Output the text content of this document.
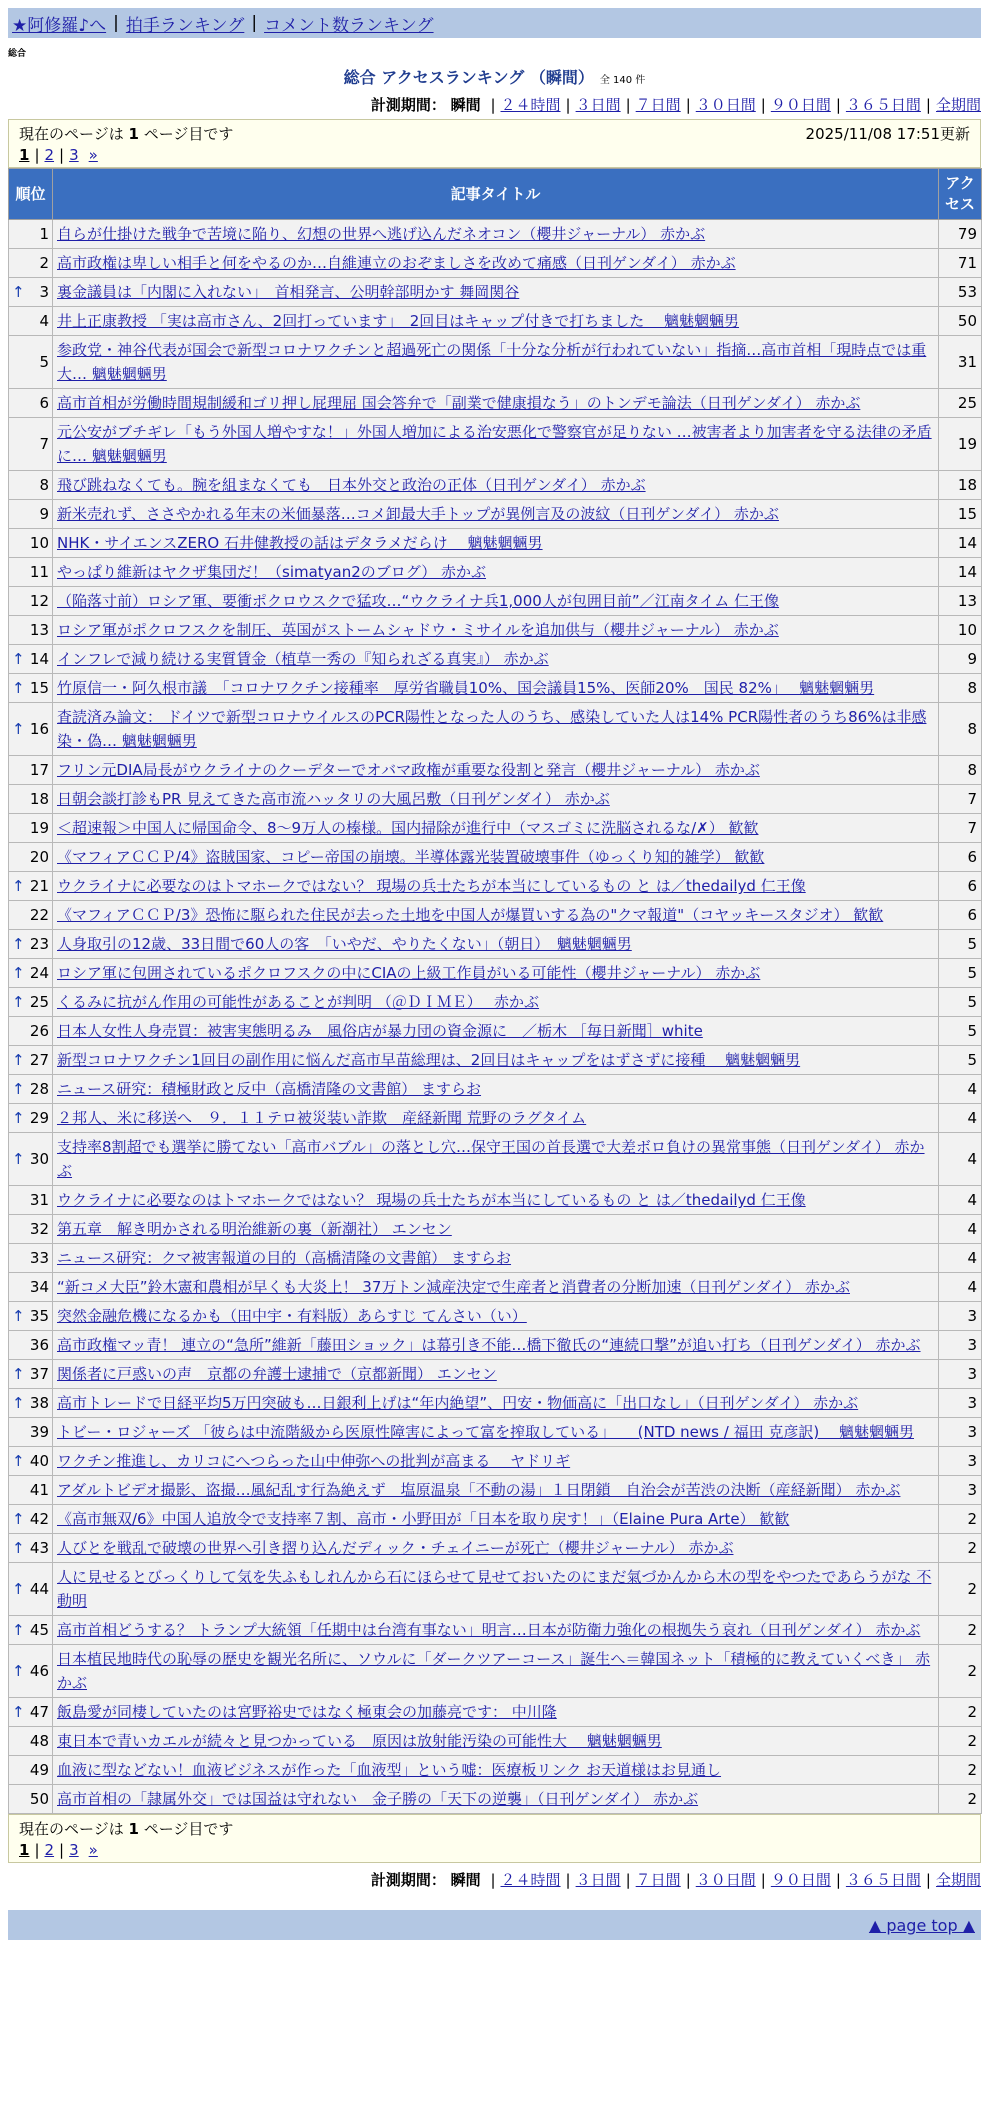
★阿修羅♪へ | 拍手ランキング | コメント数ランキング
総合
総合 アクセスランキング （瞬間） 全 140 件
計測期間： 瞬間 | ２４時間 | ３日間 | ７日間 | ３０日間 | ９０日間 | ３６５日間 | 全期間
現在のページは 1 ページ目です	2025/11/08 17:51更新
1 | 2 | 3 »
順位	記事タイトル	アクセス
1	自らが仕掛けた戦争で苦境に陥り、幻想の世界へ逃げ込んだネオコン（櫻井ジャーナル） 赤かぶ	79
2	高市政権は卑しい相手と何をやるのか…自維連立のおぞましさを改めて痛感（日刊ゲンダイ） 赤かぶ	71

↑ 3	裏金議員は「内閣に入れない」　首相発言、公明幹部明かす 舞岡関谷	53
4	井上正康教授 「実は高市さん、2回打っています」　2回目はキャップ付きで打ちました　 魑魅魍魎男	50
5	参政党・神谷代表が国会で新型コロナワクチンと超過死亡の関係「十分な分析が行われていない」指摘…高市首相「現時点では重大… 魑魅魍魎男	31
6	高市首相が労働時間規制緩和ゴリ押し屁理屈 国会答弁で「副業で健康損なう」のトンデモ論法（日刊ゲンダイ） 赤かぶ	25
7	元公安がブチギレ「もう外国人増やすな！」外国人増加による治安悪化で警察官が足りない …被害者より加害者を守る法律の矛盾に… 魑魅魍魎男	19
8	飛び跳ねなくても。腕を組まなくても　日本外交と政治の正体（日刊ゲンダイ） 赤かぶ	18
9	新米売れず、ささやかれる年末の米価暴落…コメ卸最大手トップが異例言及の波紋（日刊ゲンダイ） 赤かぶ	15
10	NHK・サイエンスZERO 石井健教授の話はデタラメだらけ　 魑魅魍魎男	14
11	やっぱり維新はヤクザ集団だ！（simatyan2のブログ） 赤かぶ	14
12	（陥落寸前）ロシア軍、要衝ポクロウスクで猛攻…“ウクライナ兵1,000人が包囲目前”／江南タイム 仁王像	13
13	ロシア軍がポクロフスクを制圧、英国がストームシャドウ・ミサイルを追加供与（櫻井ジャーナル） 赤かぶ	10

↑ 14	インフレで減り続ける実質賃金（植草一秀の『知られざる真実』） 赤かぶ	9

↑ 15	竹原信一・阿久根市議　「コロナワクチン接種率　厚労省職員10%、国会議員15%、医師20%　国民 82%」　 魑魅魍魎男	8

↑ 16	査読済み論文： ドイツで新型コロナウイルスのPCR陽性となった人のうち、感染していた人は14% PCR陽性者のうち86%は非感染・偽… 魑魅魍魎男	8
17	フリン元DIA局長がウクライナのクーデターでオバマ政権が重要な役割と発言（櫻井ジャーナル） 赤かぶ	8
18	日朝会談打診もPR 見えてきた高市流ハッタリの大風呂敷（日刊ゲンダイ） 赤かぶ	7
19	＜超速報＞中国人に帰国命令、8〜9万人の榛様。国内掃除が進行中（マスゴミに洗脳されるな/✗） 歓歓	7
20	《マフィアＣＣＰ/4》盗賊国家、コピー帝国の崩壊。半導体露光装置破壊事件（ゆっくり知的雑学） 歓歓	6

↑ 21	ウクライナに必要なのはトマホークではない？ 現場の兵士たちが本当にしているもの と は／thedailyd 仁王像	6
22	《マフィアＣＣＰ/3》恐怖に駆られた住民が去った土地を中国人が爆買いする為の"クマ報道"（コヤッキースタジオ） 歓歓	6

↑ 23	人身取引の12歳、33日間で60人の客　「いやだ、やりたくない」（朝日）　魑魅魍魎男	5

↑ 24	ロシア軍に包囲されているポクロフスクの中にCIAの上級工作員がいる可能性（櫻井ジャーナル） 赤かぶ	5

↑ 25	くるみに抗がん作用の可能性があることが判明 （＠ＤＩＭＥ）　 赤かぶ	5
26	日本人女性人身売買：被害実態明るみ　風俗店が暴力団の資金源に　／栃木 ［毎日新聞］white	5

↑ 27	新型コロナワクチン1回目の副作用に悩んだ高市早苗総理は、2回目はキャップをはずさずに接種　 魑魅魍魎男	5

↑ 28	ニュース研究：積極財政と反中（高橋清隆の文書館） ますらお	4

↑ 29	２邦人、米に移送へ　９．１１テロ被災装い詐欺　産経新聞 荒野のラグタイム	4

↑ 30	支持率8割超でも選挙に勝てない「高市バブル」の落とし穴…保守王国の首長選で大差ボロ負けの異常事態（日刊ゲンダイ） 赤かぶ	4
31	ウクライナに必要なのはトマホークではない？ 現場の兵士たちが本当にしているもの と は／thedailyd 仁王像	4
32	第五章　解き明かされる明治維新の裏（新潮社） エンセン	4
33	ニュース研究：クマ被害報道の目的（高橋清隆の文書館） ますらお	4
34	“新コメ大臣”鈴木憲和農相が早くも大炎上！ 37万トン減産決定で生産者と消費者の分断加速（日刊ゲンダイ） 赤かぶ	4

↑ 35	突然金融危機になるかも（田中宇・有料版）あらすじ てんさい（い）	3
36	高市政権マッ青！ 連立の“急所”維新「藤田ショック」は幕引き不能…橋下徹氏の“連続口撃”が追い打ち（日刊ゲンダイ） 赤かぶ	3

↑ 37	関係者に戸惑いの声　京都の弁護士逮捕で（京都新聞） エンセン	3

↑ 38	高市トレードで日経平均5万円突破も…日銀利上げは“年内絶望”、円安・物価高に「出口なし」（日刊ゲンダイ） 赤かぶ	3
39	トビー・ロジャーズ 「彼らは中流階級から医原性障害によって富を搾取している」　　(NTD news / 福田 克彦訳)　 魑魅魍魎男	3

↑ 40	ワクチン推進し、カリコにへつらった山中伸弥への批判が高まる　 ヤドリギ	3
41	アダルトビデオ撮影、盗撮…風紀乱す行為絶えず　塩原温泉「不動の湯」１日閉鎖　自治会が苦渋の決断（産経新聞） 赤かぶ	3

↑ 42	《高市無双/6》中国人追放令で支持率７割、高市・小野田が「日本を取り戻す！」（Elaine Pura Arte） 歓歓	2

↑ 43	人びとを戦乱で破壊の世界へ引き摺り込んだディック・チェイニーが死亡（櫻井ジャーナル） 赤かぶ	2

↑ 44	人に見せるとびっくりして気を失ふもしれんから石にほらせて見せておいたのにまだ氣づかんから木の型をやつたであらうがな 不動明	2

↑ 45	高市首相どうする？ トランプ大統領「任期中は台湾有事ない」明言…日本が防衛力強化の根拠失う哀れ（日刊ゲンダイ） 赤かぶ	2

↑ 46	日本植民地時代の恥辱の歴史を観光名所に、ソウルに「ダークツアーコース」誕生へ＝韓国ネット「積極的に教えていくべき」 赤かぶ	2

↑ 47	飯島愛が同棲していたのは宮野裕史ではなく極東会の加藤亮です： 中川隆	2
48	東日本で青いカエルが続々と見つかっている　原因は放射能汚染の可能性大　 魑魅魍魎男	2
49	血液に型などない！血液ビジネスが作った「血液型」という嘘：医療板リンク お天道様はお見通し	2
50	高市首相の「隷属外交」では国益は守れない　金子勝の「天下の逆襲」（日刊ゲンダイ） 赤かぶ	2
現在のページは 1 ページ目です
1 | 2 | 3 »
計測期間： 瞬間 | ２４時間 | ３日間 | ７日間 | ３０日間 | ９０日間 | ３６５日間 | 全期間
▲ page top ▲
